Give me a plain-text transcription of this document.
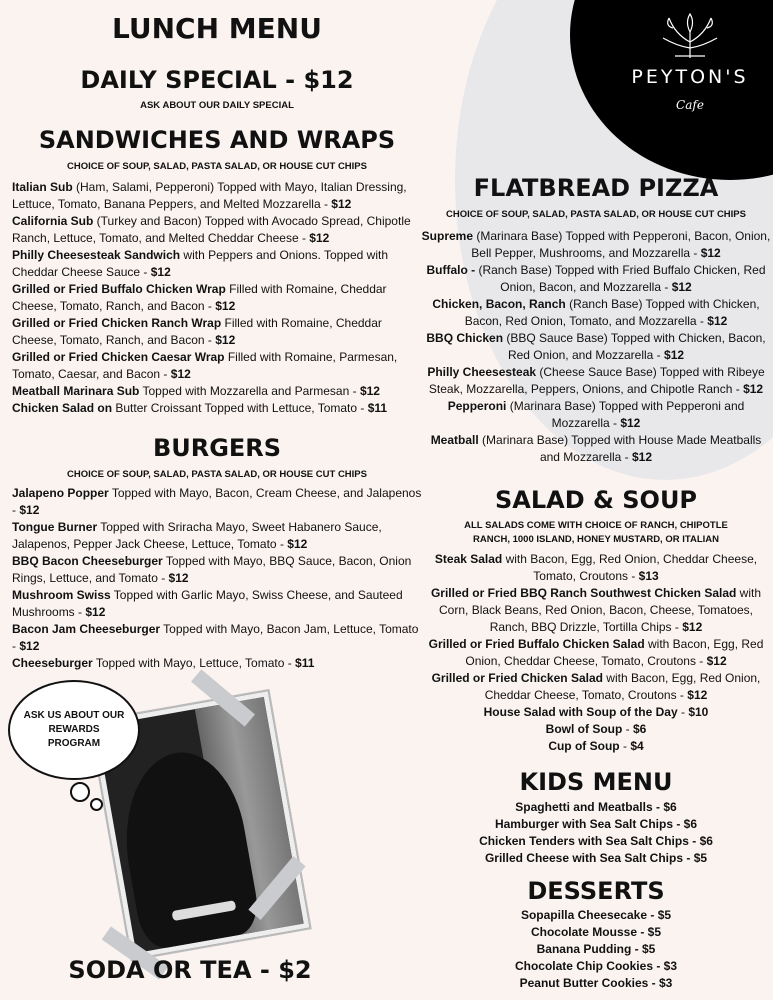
PEYTON'S
Cafe
LUNCH MENU
DAILY SPECIAL - $12
ASK ABOUT OUR DAILY SPECIAL
SANDWICHES AND WRAPS
CHOICE OF SOUP, SALAD, PASTA SALAD, OR HOUSE CUT CHIPS

Italian Sub (Ham, Salami, Pepperoni) Topped with Mayo, Italian Dressing, Lettuce, Tomato, Banana Peppers, and Melted Mozzarella - $12

California Sub (Turkey and Bacon) Topped with Avocado Spread, Chipotle Ranch, Lettuce, Tomato, and Melted Cheddar Cheese - $12

Philly Cheesesteak Sandwich with Peppers and Onions. Topped with Cheddar Cheese Sauce - $12

Grilled or Fried Buffalo Chicken Wrap Filled with Romaine, Cheddar Cheese, Tomato, Ranch, and Bacon - $12

Grilled or Fried Chicken Ranch Wrap Filled with Romaine, Cheddar Cheese, Tomato, Ranch, and Bacon - $12

Grilled or Fried Chicken Caesar Wrap Filled with Romaine, Parmesan, Tomato, Caesar, and Bacon - $12

Meatball Marinara Sub Topped with Mozzarella and Parmesan - $12

Chicken Salad on Butter Croissant Topped with Lettuce, Tomato - $11

BURGERS
CHOICE OF SOUP, SALAD, PASTA SALAD, OR HOUSE CUT CHIPS

Jalapeno Popper Topped with Mayo, Bacon, Cream Cheese, and Jalapenos - $12

Tongue Burner Topped with Sriracha Mayo, Sweet Habanero Sauce, Jalapenos, Pepper Jack Cheese, Lettuce, Tomato - $12

BBQ Bacon Cheeseburger Topped with Mayo, BBQ Sauce, Bacon, Onion Rings, Lettuce, and Tomato - $12

Mushroom Swiss Topped with Garlic Mayo, Swiss Cheese, and Sauteed Mushrooms - $12

Bacon Jam Cheeseburger Topped with Mayo, Bacon Jam, Lettuce, Tomato - $12

Cheeseburger Topped with Mayo, Lettuce, Tomato - $11

ASK US ABOUT OUR REWARDS PROGRAM
SODA OR TEA - $2
FLATBREAD PIZZA
CHOICE OF SOUP, SALAD, PASTA SALAD, OR HOUSE CUT CHIPS

Supreme (Marinara Base) Topped with Pepperoni, Bacon, Onion, Bell Pepper, Mushrooms, and Mozzarella - $12

Buffalo - (Ranch Base) Topped with Fried Buffalo Chicken, Red Onion, Bacon, and Mozzarella - $12

Chicken, Bacon, Ranch (Ranch Base) Topped with Chicken, Bacon, Red Onion, Tomato, and Mozzarella - $12

BBQ Chicken (BBQ Sauce Base) Topped with Chicken, Bacon, Red Onion, and Mozzarella - $12

Philly Cheesesteak (Cheese Sauce Base) Topped with Ribeye Steak, Mozzarella, Peppers, Onions, and Chipotle Ranch - $12

Pepperoni (Marinara Base) Topped with Pepperoni and Mozzarella - $12

Meatball (Marinara Base) Topped with House Made Meatballs and Mozzarella - $12

SALAD & SOUP
ALL SALADS COME WITH CHOICE OF RANCH, CHIPOTLE
RANCH, 1000 ISLAND, HONEY MUSTARD, OR ITALIAN

Steak Salad with Bacon, Egg, Red Onion, Cheddar Cheese, Tomato, Croutons - $13

Grilled or Fried BBQ Ranch Southwest Chicken Salad with Corn, Black Beans, Red Onion, Bacon, Cheese, Tomatoes, Ranch, BBQ Drizzle, Tortilla Chips - $12

Grilled or Fried Buffalo Chicken Salad with Bacon, Egg, Red Onion, Cheddar Cheese, Tomato, Croutons - $12

Grilled or Fried Chicken Salad with Bacon, Egg, Red Onion, Cheddar Cheese, Tomato, Croutons - $12

House Salad with Soup of the Day - $10

Bowl of Soup - $6

Cup of Soup - $4

KIDS MENU

Spaghetti and Meatballs - $6

Hamburger with Sea Salt Chips - $6

Chicken Tenders with Sea Salt Chips - $6

Grilled Cheese with Sea Salt Chips - $5

DESSERTS

Sopapilla Cheesecake - $5

Chocolate Mousse - $5

Banana Pudding - $5

Chocolate Chip Cookies - $3

Peanut Butter Cookies - $3
